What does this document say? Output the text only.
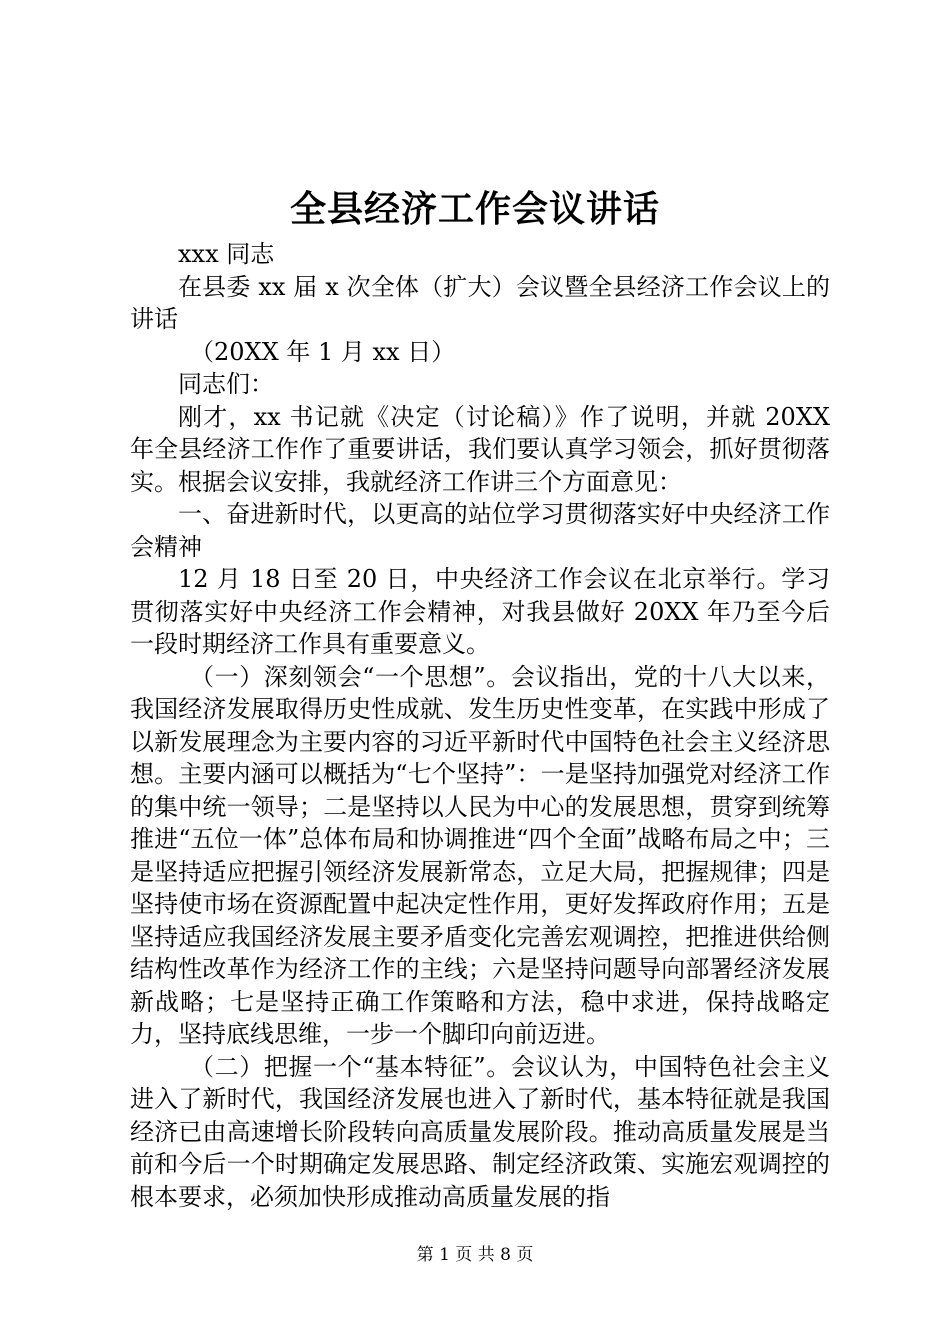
全县经济工作会议讲话

xxx 同志

在县委 xx 届 x 次全体（扩大）会议暨全县经济工作会议上的讲话

（20XX 年 1 月 xx 日）

同志们：

刚才，xx 书记就《决定（讨论稿）》作了说明，并就 20XX 年全县经济工作作了重要讲话，我们要认真学习领会，抓好贯彻落实。根据会议安排，我就经济工作讲三个方面意见：

一、奋进新时代，以更高的站位学习贯彻落实好中央经济工作会精神

12 月 18 日至 20 日，中央经济工作会议在北京举行。学习贯彻落实好中央经济工作会精神，对我县做好 20XX 年乃至今后一段时期经济工作具有重要意义。

（一）深刻领会“一个思想”。会议指出，党的十八大以来，我国经济发展取得历史性成就、发生历史性变革，在实践中形成了以新发展理念为主要内容的习近平新时代中国特色社会主义经济思想。主要内涵可以概括为“七个坚持”：一是坚持加强党对经济工作的集中统一领导；二是坚持以人民为中心的发展思想，贯穿到统筹推进“五位一体”总体布局和协调推进“四个全面”战略布局之中；三是坚持适应把握引领经济发展新常态，立足大局，把握规律；四是坚持使市场在资源配置中起决定性作用，更好发挥政府作用；五是坚持适应我国经济发展主要矛盾变化完善宏观调控，把推进供给侧结构性改革作为经济工作的主线；六是坚持问题导向部署经济发展新战略；七是坚持正确工作策略和方法，稳中求进，保持战略定力，坚持底线思维，一步一个脚印向前迈进。

（二）把握一个“基本特征”。会议认为，中国特色社会主义进入了新时代，我国经济发展也进入了新时代，基本特征就是我国经济已由高速增长阶段转向高质量发展阶段。推动高质量发展是当前和今后一个时期确定发展思路、制定经济政策、实施宏观调控的根本要求，必须加快形成推动高质量发展的指

第 1 页 共 8 页
